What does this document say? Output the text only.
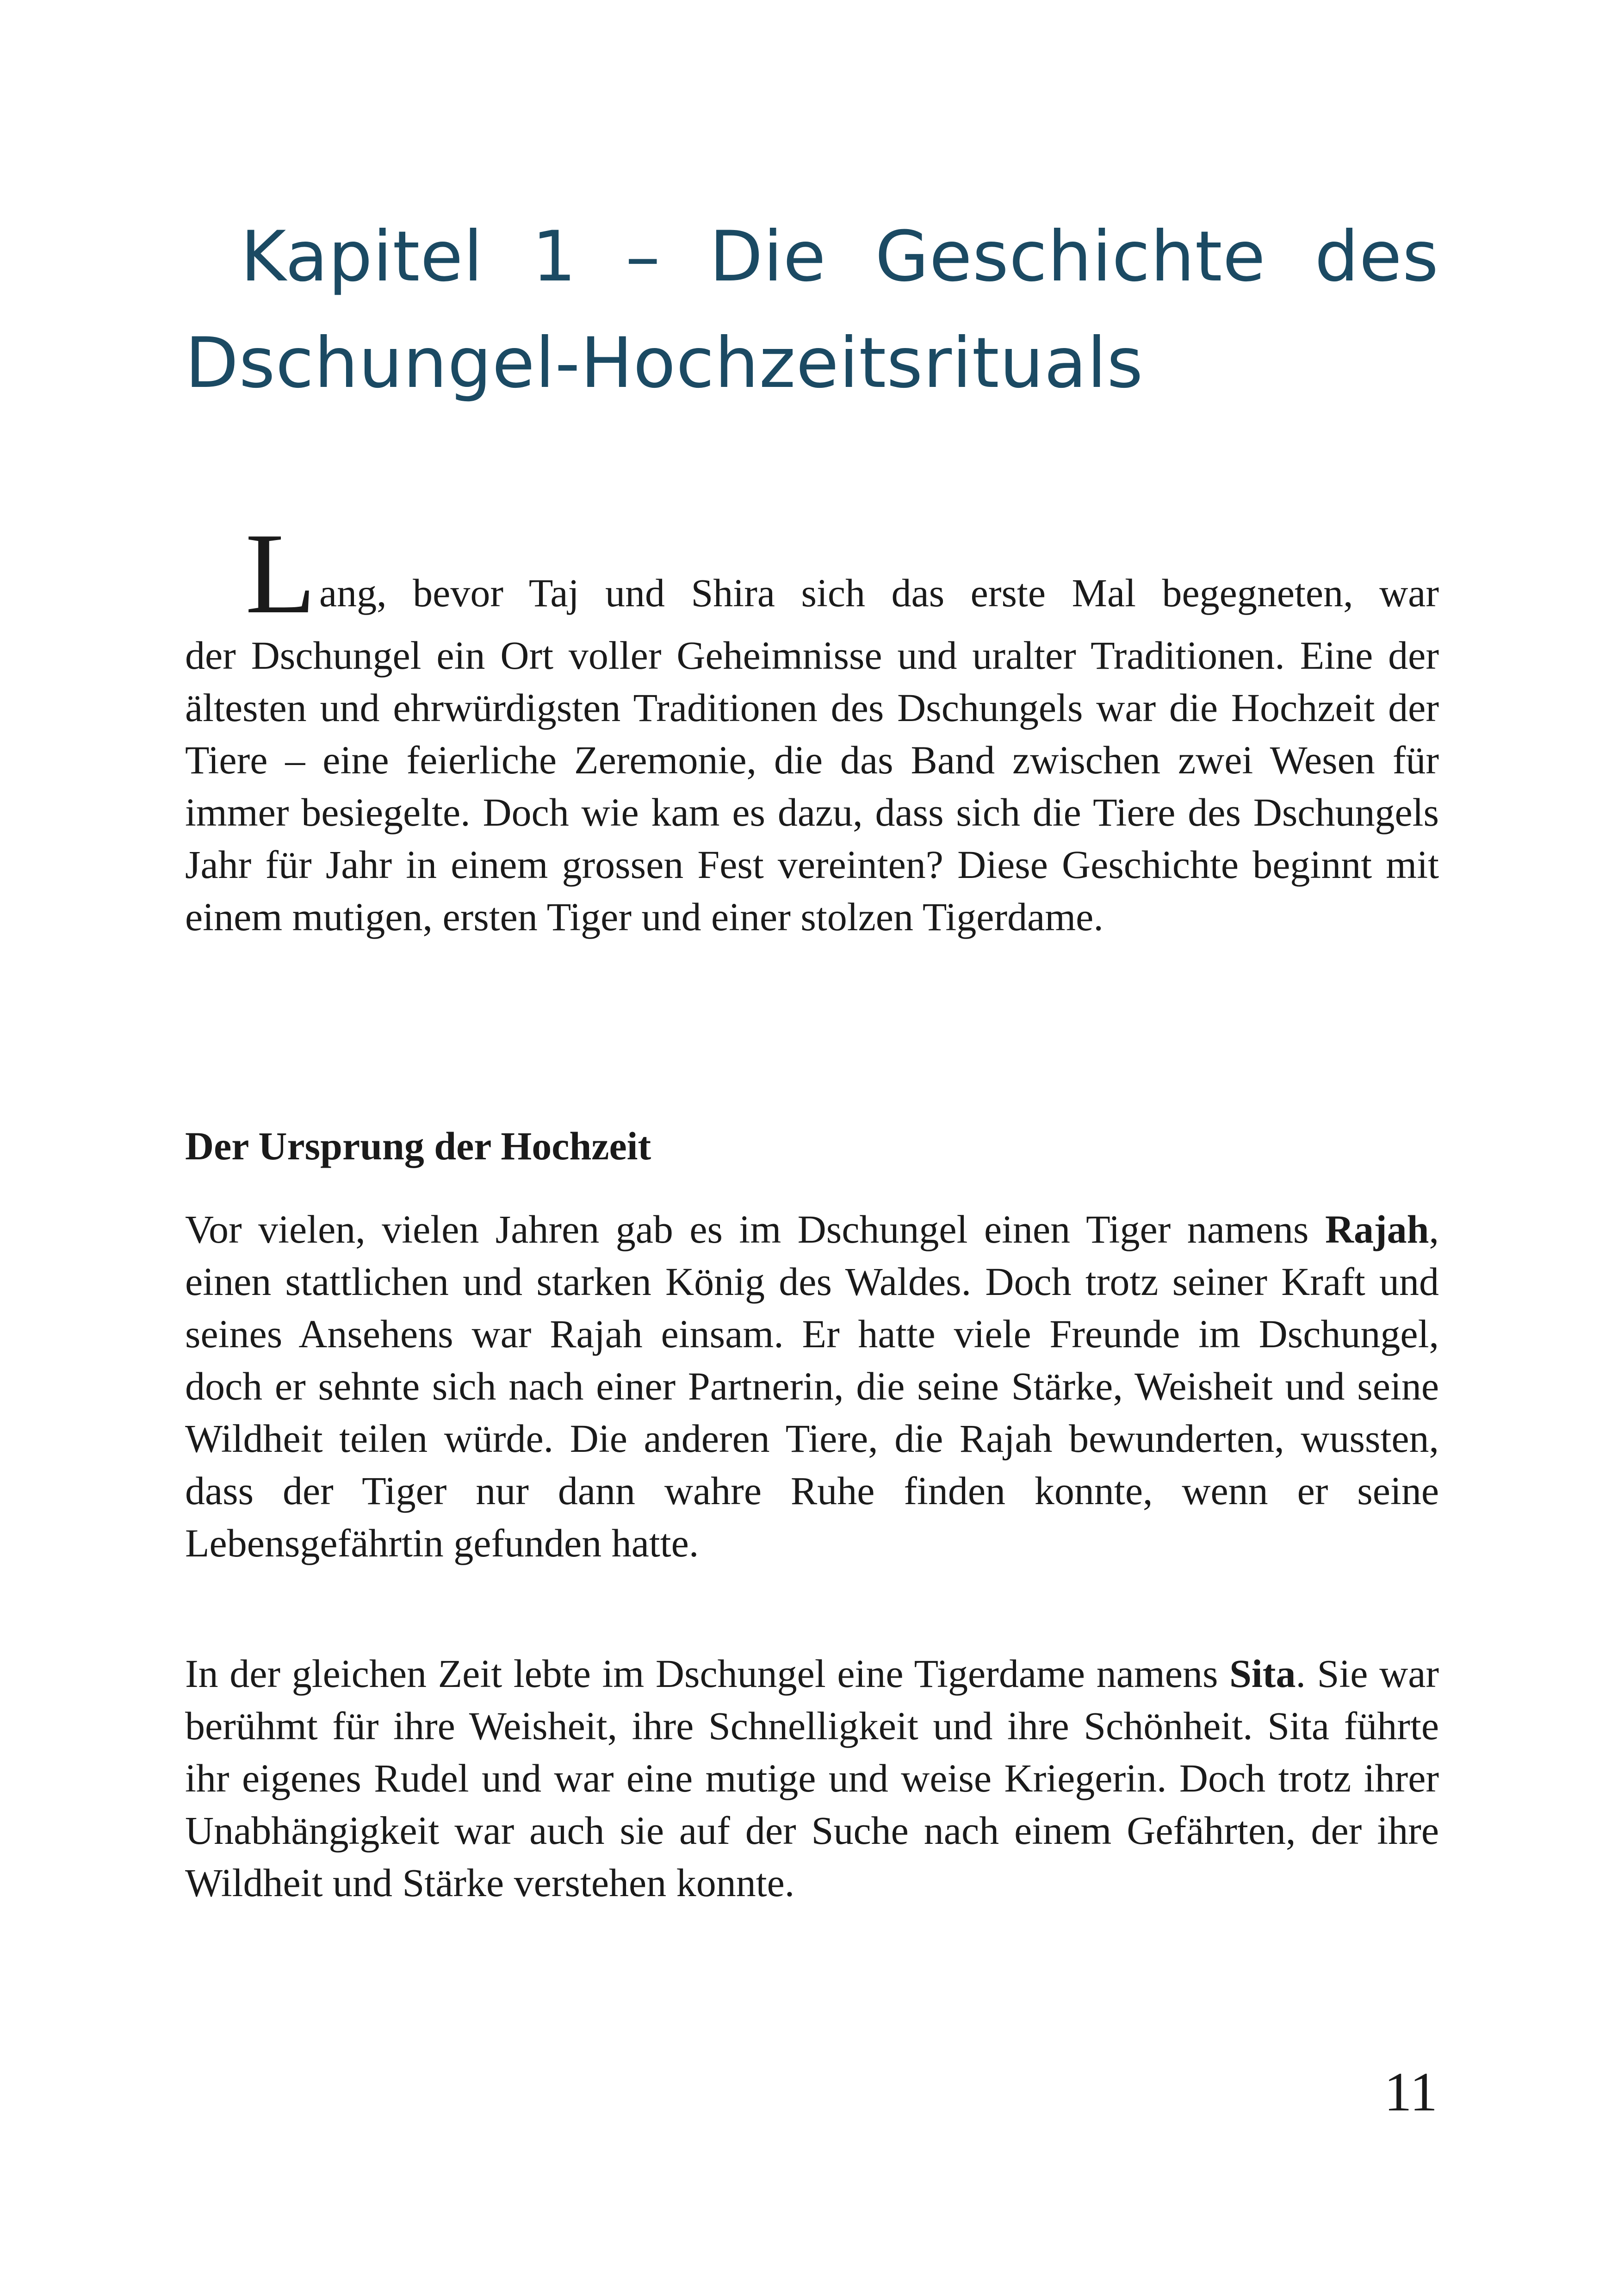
Kapitel 1 – Die Geschichte des Dschungel-Hochzeitsrituals
L ang, bevor Taj und Shira sich das erste Mal begegneten, war

der Dschungel ein Ort voller Geheimnisse und uralter Traditionen. Eine der ältesten und ehrwürdigsten Traditionen des Dschungels war die Hochzeit der Tiere – eine feierliche Zeremonie, die das Band zwischen zwei Wesen für immer besiegelte. Doch wie kam es dazu, dass sich die Tiere des Dschungels Jahr für Jahr in einem grossen Fest vereinten? Diese Geschichte beginnt mit einem mutigen, ersten Tiger und einer stolzen Tigerdame.

Der Ursprung der Hochzeit

Vor vielen, vielen Jahren gab es im Dschungel einen Tiger namens Rajah, einen stattlichen und starken König des Waldes. Doch trotz seiner Kraft und seines Ansehens war Rajah einsam. Er hatte viele Freunde im Dschungel, doch er sehnte sich nach einer Partnerin, die seine Stärke, Weisheit und seine Wildheit teilen würde. Die anderen Tiere, die Rajah bewunderten, wussten, dass der Tiger nur dann wahre Ruhe finden konnte, wenn er seine Lebensgefährtin gefunden hatte.

In der gleichen Zeit lebte im Dschungel eine Tigerdame namens Sita. Sie war berühmt für ihre Weisheit, ihre Schnelligkeit und ihre Schönheit. Sita führte ihr eigenes Rudel und war eine mutige und weise Kriegerin. Doch trotz ihrer Unabhängigkeit war auch sie auf der Suche nach einem Gefährten, der ihre Wildheit und Stärke verstehen konnte.

11
